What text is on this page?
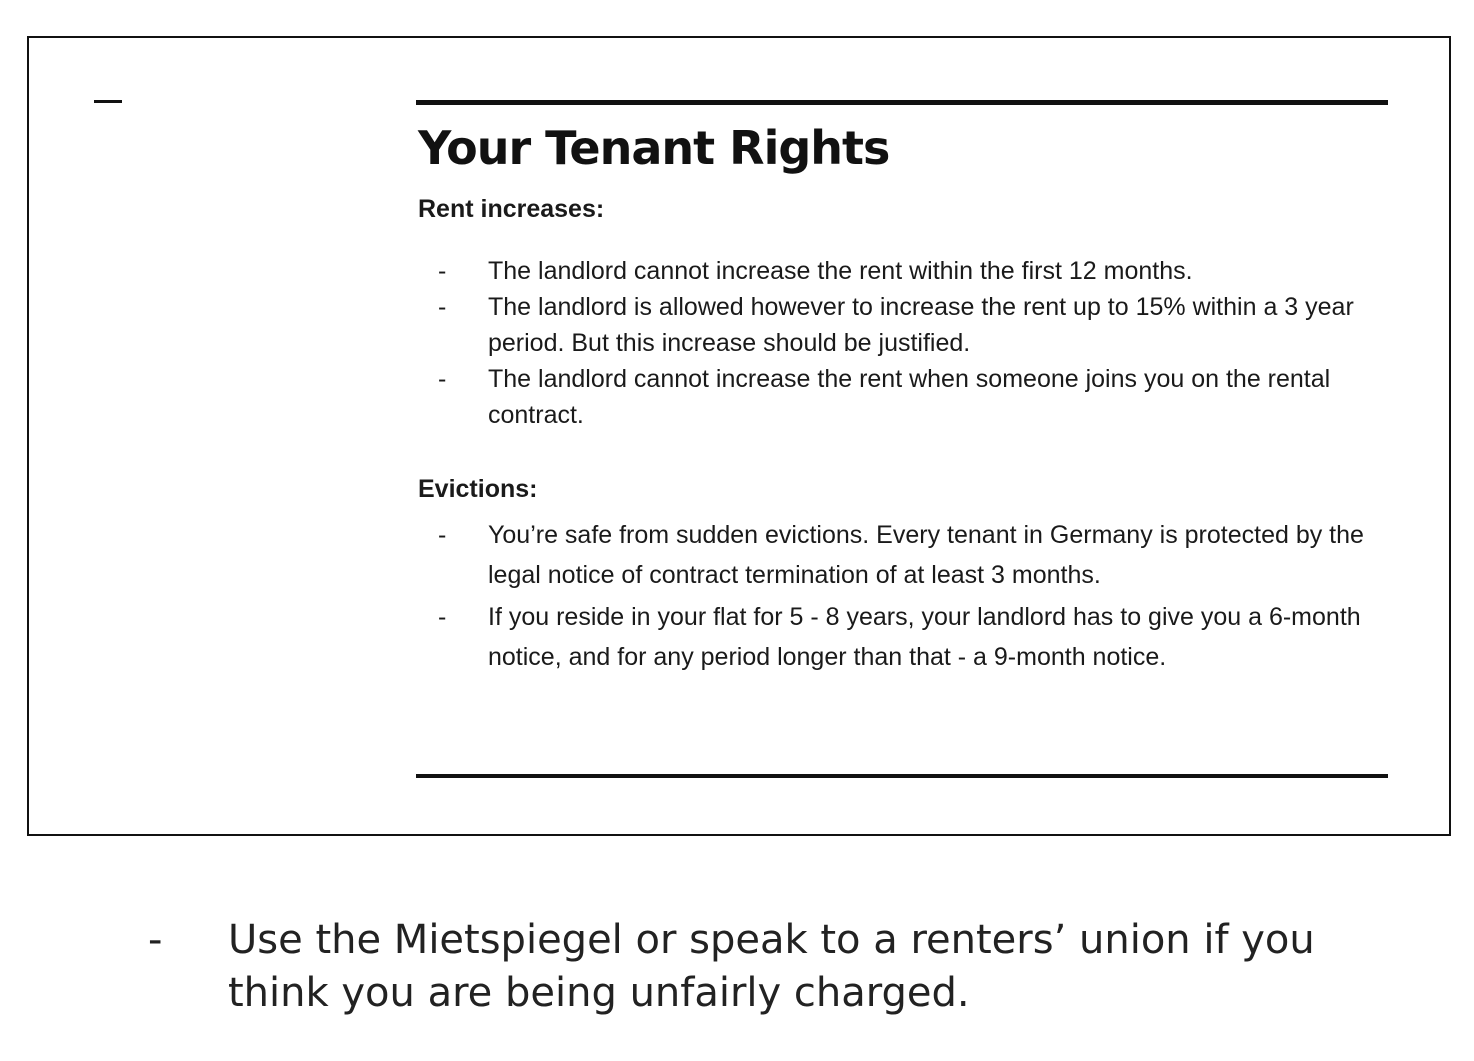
Your Tenant Rights
Rent increases:
- The landlord cannot increase the rent within the first 12 months.
- The landlord is allowed however to increase the rent up to 15% within a 3 year period. But this increase should be justified.
- The landlord cannot increase the rent when someone joins you on the rental contract.
Evictions:
- You’re safe from sudden evictions. Every tenant in Germany is protected by the legal notice of contract termination of at least 3 months.
- If you reside in your flat for 5 - 8 years, your landlord has to give you a 6-month notice, and for any period longer than that - a 9-month notice.
- Use the Mietspiegel or speak to a renters’ union if you think you are being unfairly charged.
